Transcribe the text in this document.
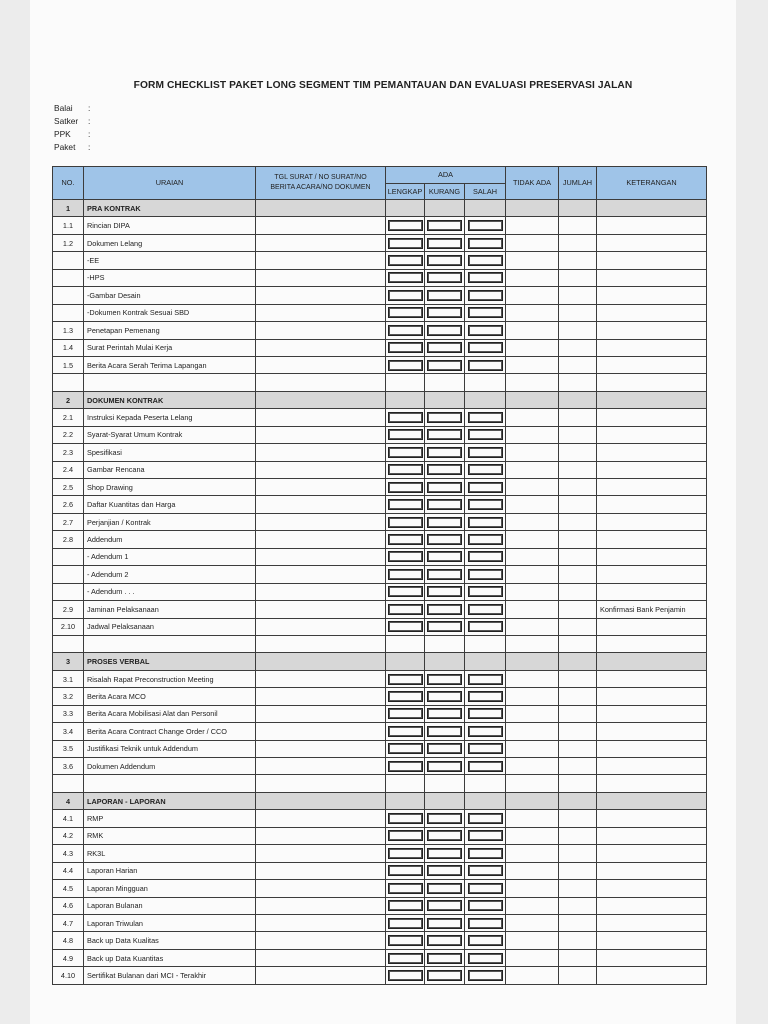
FORM CHECKLIST PAKET LONG SEGMENT TIM PEMANTAUAN DAN EVALUASI PRESERVASI JALAN
Balai	:
Satker	:
PPK	:
Paket	:
NO.	URAIAN	TGL SURAT / NO SURAT/NO
BERITA ACARA/NO DOKUMEN	ADA			TIDAK ADA	JUMLAH	KETERANGAN
			LENGKAP	KURANG	SALAH			
1	PRA KONTRAK							
1.1	Rincian DIPA							
1.2	Dokumen Lelang							
	-EE							
	-HPS							
	-Gambar Desain							
	-Dokumen Kontrak Sesuai SBD							
1.3	Penetapan Pemenang							
1.4	Surat Perintah Mulai Kerja							
1.5	Berita Acara Serah Terima Lapangan							

2	DOKUMEN KONTRAK							
2.1	Instruksi Kepada Peserta Lelang							
2.2	Syarat-Syarat Umum Kontrak							
2.3	Spesifikasi							
2.4	Gambar Rencana							
2.5	Shop Drawing							
2.6	Daftar Kuantitas dan Harga							
2.7	Perjanjian / Kontrak							
2.8	Addendum							
	- Adendum 1							
	- Adendum 2							
	- Adendum . . .							
2.9	Jaminan Pelaksanaan							Konfirmasi Bank Penjamin
2.10	Jadwal Pelaksanaan							

3	PROSES VERBAL							
3.1	Risalah Rapat Preconstruction Meeting							
3.2	Berita Acara MCO							
3.3	Berita Acara Mobilisasi Alat dan Personil							
3.4	Berita Acara Contract Change Order / CCO							
3.5	Justifikasi Teknik untuk Addendum							
3.6	Dokumen Addendum							

4	LAPORAN - LAPORAN							
4.1	RMP							
4.2	RMK							
4.3	RK3L							
4.4	Laporan Harian							
4.5	Laporan Mingguan							
4.6	Laporan Bulanan							
4.7	Laporan Triwulan							
4.8	Back up Data Kualitas							
4.9	Back up Data Kuantitas							
4.10	Sertifikat Bulanan dari MCI - Terakhir							
